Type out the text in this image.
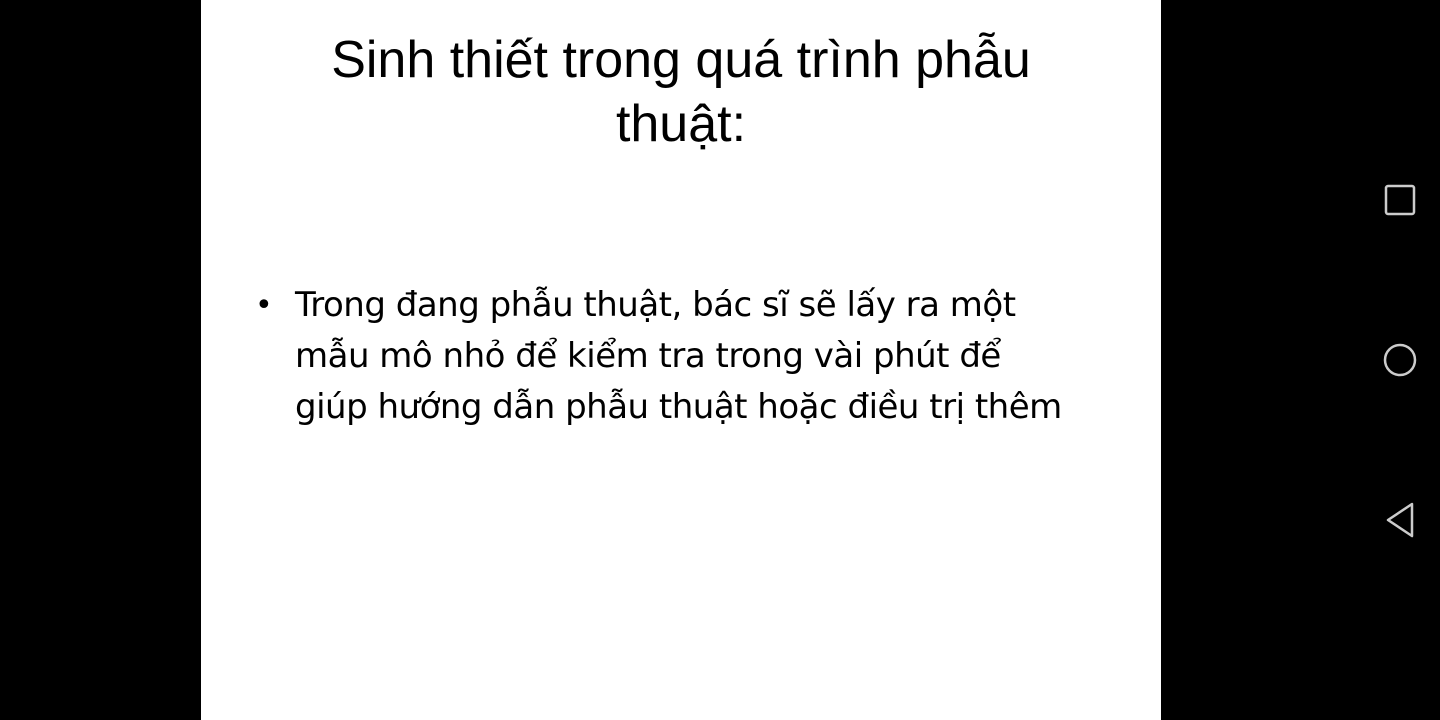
Sinh thiết trong quá trình phẫu thuật:
• Trong đang phẫu thuật, bác sĩ sẽ lấy ra một mẫu mô nhỏ để kiểm tra trong vài phút để giúp hướng dẫn phẫu thuật hoặc điều trị thêm
